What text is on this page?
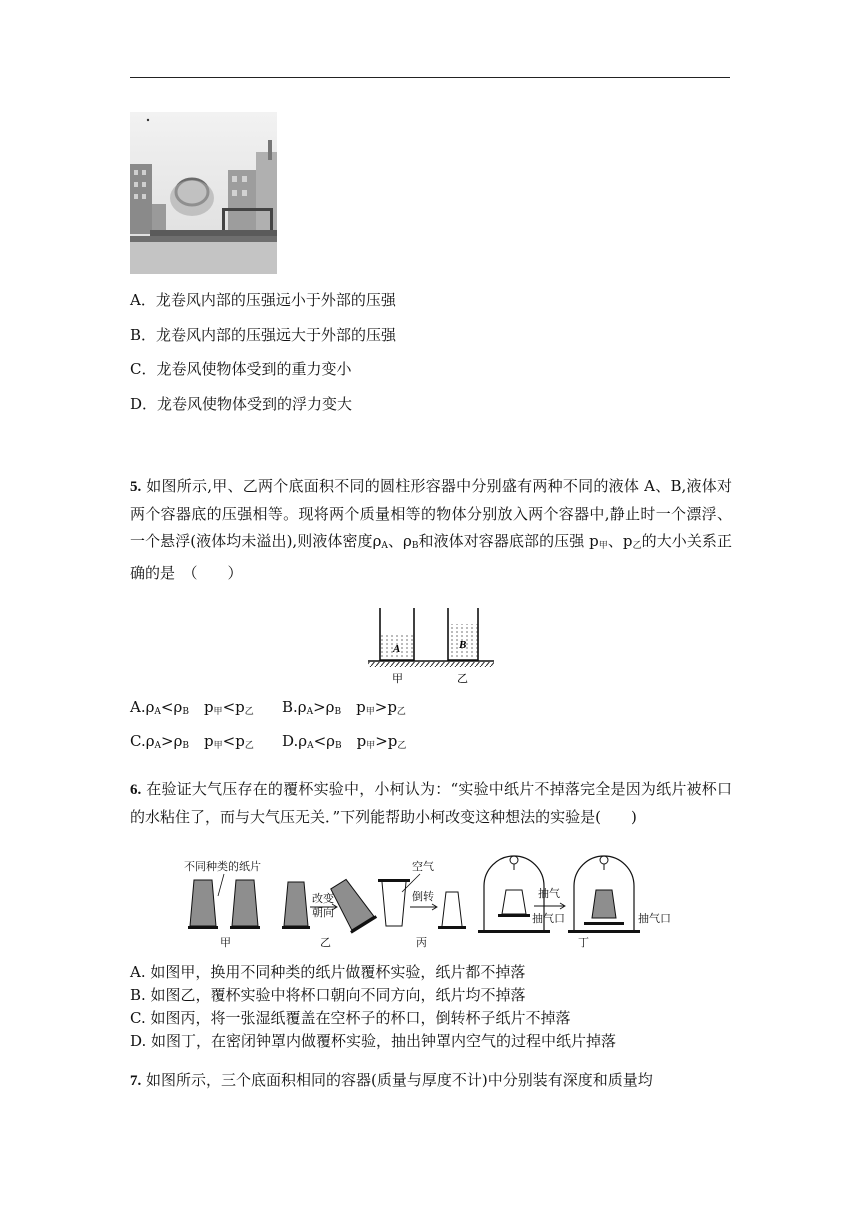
A．龙卷风内部的压强远小于外部的压强
B．龙卷风内部的压强远大于外部的压强
C．龙卷风使物体受到的重力变小
D．龙卷风使物体受到的浮力变大
5. 如图所示,甲、乙两个底面积不同的圆柱形容器中分别盛有两种不同的液体 A、B,液体对两个容器底的压强相等。现将两个质量相等的物体分别放入两个容器中,静止时一个漂浮、一个悬浮(液体均未溢出),则液体密度$\rho_A$、$\rho_B$和液体对容器底部的压强 $p_甲$、$p_乙$的大小关系正确的是　（　　）
A	B
甲	乙
$A.\rho_A<\rho_B$　$p_甲<p_乙$ $B.\rho_A>\rho_B$　$p_甲>p_乙$
$C.\rho_A>\rho_B$　$p_甲<p_乙$ $D.\rho_A<\rho_B$　$p_甲>p_乙$
6. 在验证大气压存在的覆杯实验中，小柯认为：“实验中纸片不掉落完全是因为纸片被杯口的水粘住了，而与大气压无关．”下列能帮助小柯改变这种想法的实验是(　　)
不同种类的纸片
甲
改变
朝向
乙
空气
倒转
丙
抽气
抽气口	抽气口
丁
A. 如图甲，换用不同种类的纸片做覆杯实验，纸片都不掉落
B. 如图乙，覆杯实验中将杯口朝向不同方向，纸片均不掉落
C. 如图丙，将一张湿纸覆盖在空杯子的杯口，倒转杯子纸片不掉落
D. 如图丁，在密闭钟罩内做覆杯实验，抽出钟罩内空气的过程中纸片掉落
7. 如图所示，三个底面积相同的容器(质量与厚度不计)中分别装有深度和质量均
